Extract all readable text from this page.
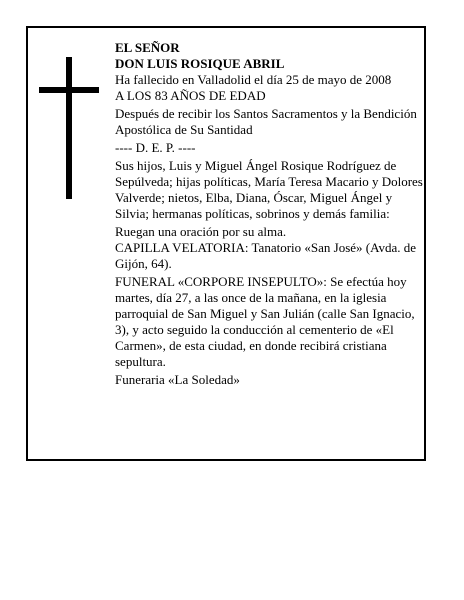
EL SEÑOR

DON LUIS ROSIQUE ABRIL

Ha fallecido en Valladolid el día 25 de mayo de 2008

A LOS 83 AÑOS DE EDAD

Después de recibir los Santos Sacramentos y la Bendición Apostólica de Su Santidad

---- D. E. P. ----

Sus hijos, Luis y Miguel Ángel Rosique Rodríguez de Sepúlveda; hijas políticas, María Teresa Macario y Dolores Valverde; nietos, Elba, Diana, Óscar, Miguel Ángel y Silvia; hermanas políticas, sobrinos y demás familia:

Ruegan una oración por su alma.

CAPILLA VELATORIA: Tanatorio «San José» (Avda. de Gijón, 64).

FUNERAL «CORPORE INSEPULTO»: Se efectúa hoy martes, día 27, a las once de la mañana, en la iglesia parroquial de San Miguel y San Julián (calle San Ignacio, 3), y acto seguido la conducción al cementerio de «El Carmen», de esta ciudad, en donde recibirá cristiana sepultura.

Funeraria «La Soledad»
